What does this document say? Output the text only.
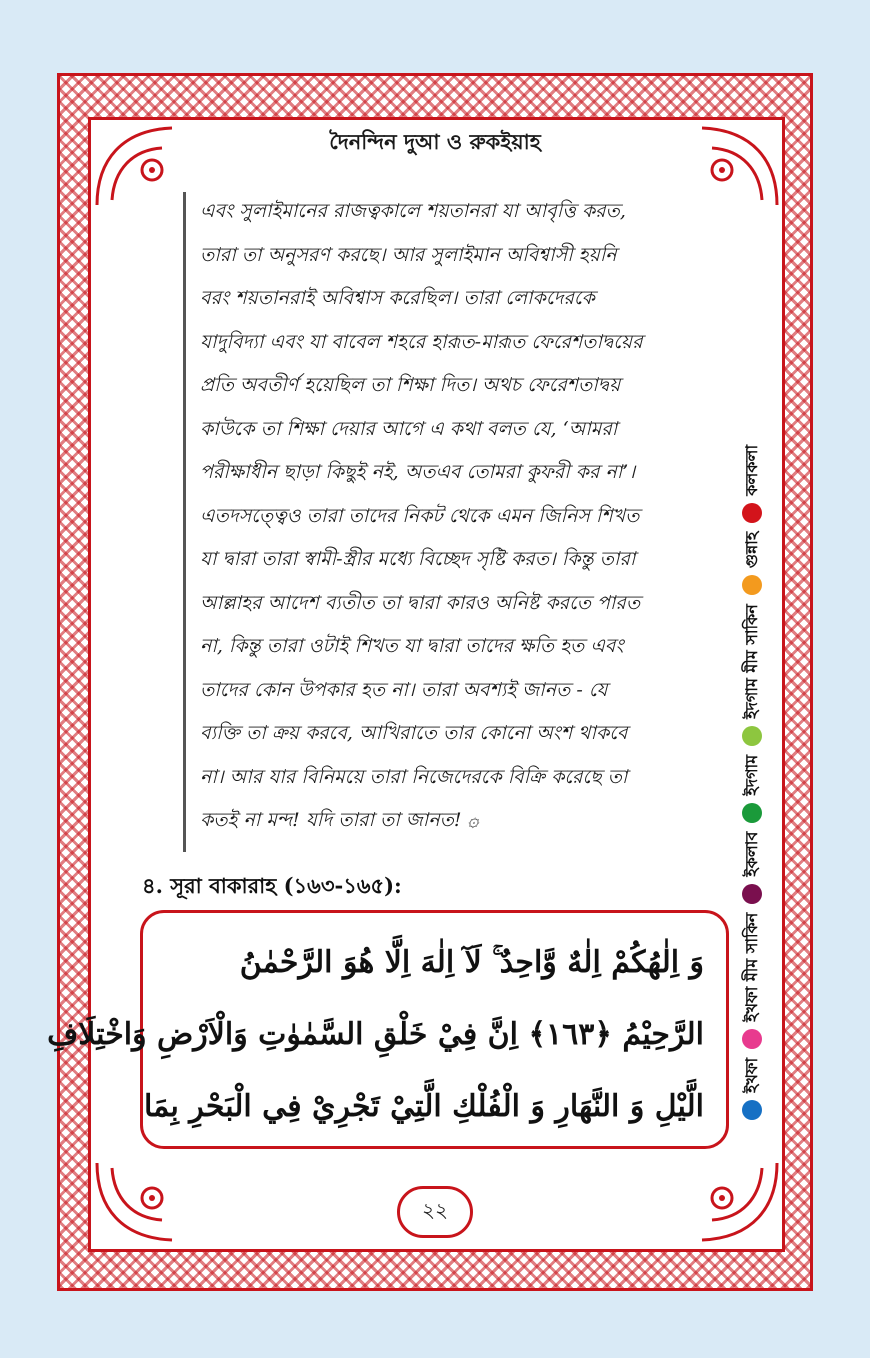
দৈনন্দিন দুআ ও রুকইয়াহ
এবং সুলাইমানের রাজত্বকালে শয়তানরা যা আবৃত্তি করত,
তারা তা অনুসরণ করছে। আর সুলাইমান অবিশ্বাসী হয়নি
বরং শয়তানরাই অবিশ্বাস করেছিল। তারা লোকদেরকে
যাদুবিদ্যা এবং যা বাবেল শহরে হারূত-মারূত ফেরেশতাদ্বয়ের
প্রতি অবতীর্ণ হয়েছিল তা শিক্ষা দিত। অথচ ফেরেশতাদ্বয়
কাউকে তা শিক্ষা দেয়ার আগে এ কথা বলত যে, ‘আমরা
পরীক্ষাধীন ছাড়া কিছুই নই, অতএব তোমরা কুফরী কর না’।
এতদসত্ত্বেও তারা তাদের নিকট থেকে এমন জিনিস শিখত
যা দ্বারা তারা স্বামী-স্ত্রীর মধ্যে বিচ্ছেদ সৃষ্টি করত। কিন্তু তারা
আল্লাহর আদেশ ব্যতীত তা দ্বারা কারও অনিষ্ট করতে পারত
না, কিন্তু তারা ওটাই শিখত যা দ্বারা তাদের ক্ষতি হত এবং
তাদের কোন উপকার হত না। তারা অবশ্যই জানত - যে
ব্যক্তি তা ক্রয় করবে, আখিরাতে তার কোনো অংশ থাকবে
না। আর যার বিনিময়ে তারা নিজেদেরকে বিক্রি করেছে তা
কতই না মন্দ! যদি তারা তা জানত! ۞
৪. সূরা বাকারাহ (১৬৩-১৬৫):
وَ اِلٰهُكُمْ اِلٰهٌ وَّاحِدٌ ۚ لَآ اِلٰهَ اِلَّا هُوَ الرَّحْمٰنُ
الرَّحِيْمُ ﴿١٦٣﴾ اِنَّ فِيْ خَلْقِ السَّمٰوٰتِ وَالْاَرْضِ وَاخْتِلَافِ
الَّيْلِ وَ النَّهَارِ وَ الْفُلْكِ الَّتِيْ تَجْرِيْ فِي الْبَحْرِ بِمَا
ইখফা
ইখফা মীম সাকিন
ইকলাব
ইদগাম
ইদগাম মীম সাকিন
গুন্নাহ
কলকলা
২২
